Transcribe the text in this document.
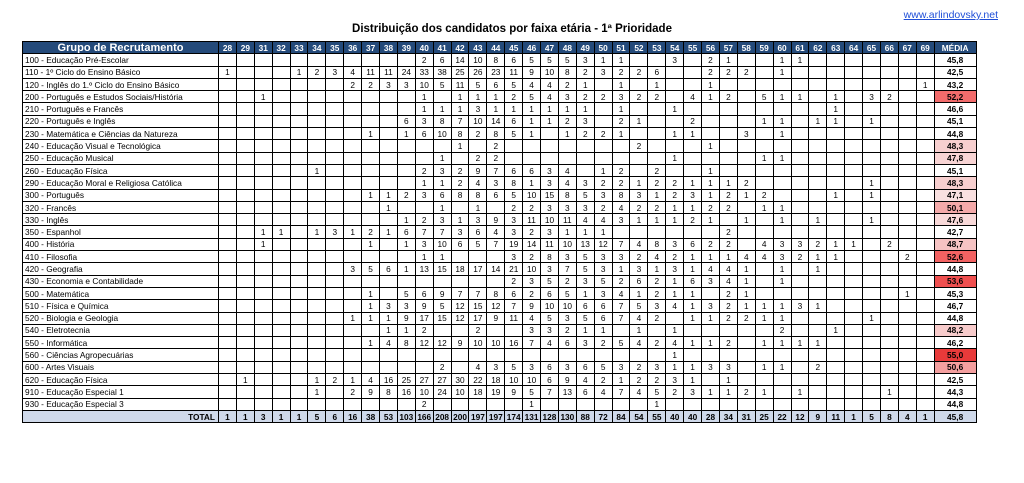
www.arlindovsky.net
Distribuição dos candidatos por faixa etária - 1ª Prioridade
Grupo de Recrutamento	28	29	31	32	33	34	35	36	37	38	39	40	41	42	43	44	45	46	47	48	49	50	51	52	53	54	55	56	57	58	59	60	61	62	63	64	65	66	67	69	MÉDIA
100 - Educação Pré-Escolar												2	6	14	10	8	6	5	5	5	3	1	1			3		2	1			1	1								45,8
110 - 1º Ciclo do Ensino Básico	1				1	2	3	4	11	11	24	33	38	25	26	23	11	9	10	8	2	3	2	2	6			2	2	2		1									42,5
120 - Inglês do 1.º Ciclo do Ensino Básico								2	2	3	3	10	5	11	5	6	5	4	4	2	1		1		1			1												1	43,2
200 - Português e Estudos Sociais/História			1									1		1	1	1	2	5	4	3	2	2	3	2	2		4	1	2		5	1	1		1		3	2			52,2
210 - Português e Francês												1	1	1	3	1	1	1	1	1	1		1			1									1						46,6
220 - Português e Inglês											6	3	8	7	10	14	6	1	1	2	3		2	1			2				1	1		1	1		1				45,1
230 - Matemática e Ciências da Natureza									1		1	6	10	8	2	8	5	1		1	2	2	1			1	1			3		1									44,8
240 - Educação Visual e Tecnológica														1		2								2				1													48,3
250 - Educação Musical													1		2	2										1					1	1									47,8
260 - Educação Física						1						2	3	2	9	7	6	6	3	4		1	2		2			1													45,1
290 - Educação Moral e Religiosa Católica												1	1	2	4	3	8	1	3	4	3	2	2	1	2	2	1	1	1	2							1				48,3
300 - Português									1	1	2	3	6	8	8	6	5	10	15	8	5	3	8	3	1	2	3	1	2	1	2				1		1				47,1
320 - Francês										1			1		1		2	2	3	3	3	2	4	2	2	1	1	2	2		1	1									50,1
330 - Inglês											1	2	3	1	3	9	3	11	10	11	4	4	3	1	1	1	2	1		1		1		1			1				47,6
350 - Espanhol			1	1		1	3	1	2	1	6	7	7	3	6	4	3	2	3	1	1	1							2												42,7
400 - História			1						1		1	3	10	6	5	7	19	14	11	10	13	12	7	4	8	3	6	2	2		4	3	3	2	1	1		2			48,7
410 - Filosofia												1	1				3	2	8	3	5	3	3	2	4	2	1	1	1	4	4	3	2	1	1				2		52,6
420 - Geografia								3	5	6	1	13	15	18	17	14	21	10	3	7	5	3	1	3	1	3	1	4	4	1		1		1							44,8
430 - Economia e Contabilidade																	2	3	5	2	3	5	2	6	2	1	6	3	4	1		1									53,6
500 - Matemática									1		5	6	9	7	7	8	6	2	6	5	1	3	4	1	2	1	1		2	1									1		45,3
510 - Física e Química									1	3	3	9	5	12	15	12	7	9	10	10	6	6	7	5	3	4	1	3	2	1	1	1	3	1							46,7
520 - Biologia e Geologia								1	1	1	9	17	15	12	17	9	11	4	5	3	5	6	7	4	2		1	1	2	2	1	1					1				44,8
540 - Eletrotecnia										1	1	2			2			3	3	2	1	1		1		1						2			1						48,2
550 - Informática									1	4	8	12	12	9	10	10	16	7	4	6	3	2	5	4	2	4	1	1	2		1	1	1	1							46,2
560 - Ciências Agropecuárias																										1															55,0
600 - Artes Visuais													2		4	3	5	3	6	3	6	5	3	2	3	1	1	3	3		1	1		2							50,6
620 - Educação Física		1				1	2	1	4	16	25	27	27	30	22	18	10	10	6	9	4	2	1	2	2	3	1		1												42,5
910 - Educação Especial 1						1		2	9	8	16	10	24	10	18	19	9	5	7	13	6	4	7	4	5	2	3	1	1	2	1		1					1			44,3
930 - Educação Especial 3												2						1							1																44,8
TOTAL	1	1	3	1	1	5	6	16	38	53	103	166	208	200	197	197	174	131	128	130	88	72	84	54	55	40	40	28	34	31	25	22	12	9	11	1	5	8	4	1	45,8
